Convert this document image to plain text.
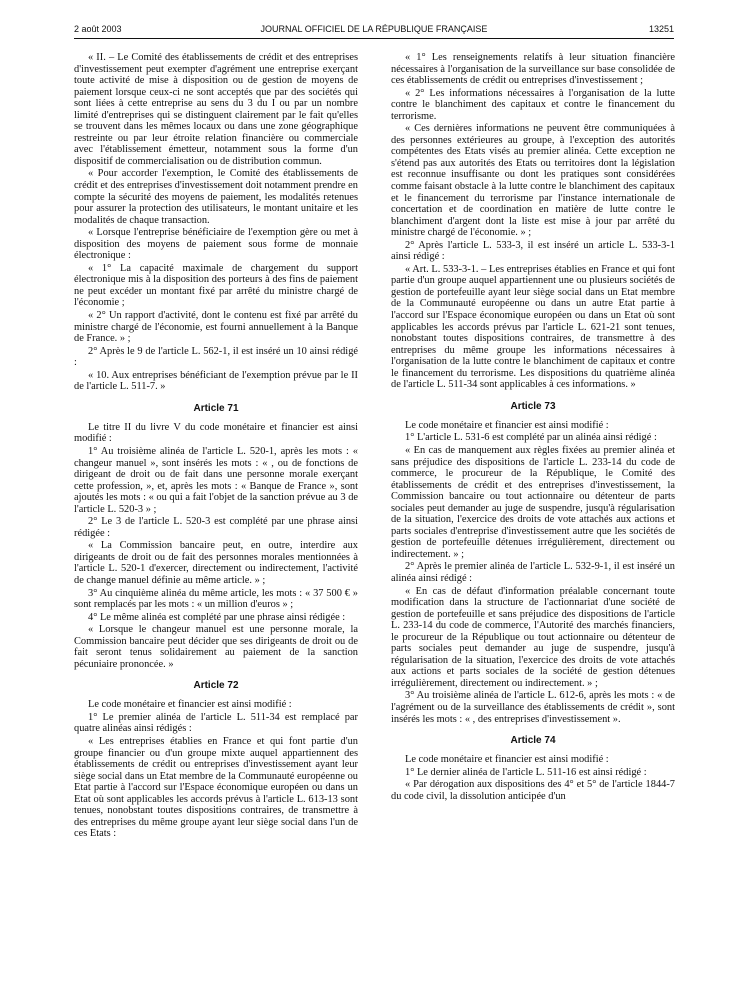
2 août 2003	JOURNAL OFFICIEL DE LA RÉPUBLIQUE FRANÇAISE	13251

« II. – Le Comité des établissements de crédit et des entreprises d'investissement peut exempter d'agrément une entreprise exerçant toute activité de mise à disposition ou de gestion de moyens de paiement lorsque ceux-ci ne sont acceptés que par des sociétés qui sont liées à cette entreprise au sens du 3 du I ou par un nombre limité d'entreprises qui se distinguent clairement par le fait qu'elles se trouvent dans les mêmes locaux ou dans une zone géographique restreinte ou par leur étroite relation financière ou commerciale avec l'établissement émetteur, notamment sous la forme d'un dispositif de commercialisation ou de distribution commun.

« Pour accorder l'exemption, le Comité des établissements de crédit et des entreprises d'investissement doit notamment prendre en compte la sécurité des moyens de paiement, les modalités retenues pour assurer la protection des utilisateurs, le montant unitaire et les modalités de chaque transaction.

« Lorsque l'entreprise bénéficiaire de l'exemption gère ou met à disposition des moyens de paiement sous forme de monnaie électronique :

« 1° La capacité maximale de chargement du support électronique mis à la disposition des porteurs à des fins de paiement ne peut excéder un montant fixé par arrêté du ministre chargé de l'économie ;

« 2° Un rapport d'activité, dont le contenu est fixé par arrêté du ministre chargé de l'économie, est fourni annuellement à la Banque de France. » ;

2° Après le 9 de l'article L. 562-1, il est inséré un 10 ainsi rédigé :

« 10. Aux entreprises bénéficiant de l'exemption prévue par le II de l'article L. 511-7. »

Article 71

Le titre II du livre V du code monétaire et financier est ainsi modifié :

1° Au troisième alinéa de l'article L. 520-1, après les mots : « changeur manuel », sont insérés les mots : « , ou de fonctions de dirigeant de droit ou de fait dans une personne morale exerçant cette profession, », et, après les mots : « Banque de France », sont ajoutés les mots : « ou qui a fait l'objet de la sanction prévue au 3 de l'article L. 520-3 » ;

2° Le 3 de l'article L. 520-3 est complété par une phrase ainsi rédigée :

« La Commission bancaire peut, en outre, interdire aux dirigeants de droit ou de fait des personnes morales mentionnées à l'article L. 520-1 d'exercer, directement ou indirectement, l'activité de change manuel définie au même article. » ;

3° Au cinquième alinéa du même article, les mots : « 37 500 € » sont remplacés par les mots : « un million d'euros » ;

4° Le même alinéa est complété par une phrase ainsi rédigée :

« Lorsque le changeur manuel est une personne morale, la Commission bancaire peut décider que ses dirigeants de droit ou de fait seront tenus solidairement au paiement de la sanction pécuniaire prononcée. »

Article 72

Le code monétaire et financier est ainsi modifié :

1° Le premier alinéa de l'article L. 511-34 est remplacé par quatre alinéas ainsi rédigés :

« Les entreprises établies en France et qui font partie d'un groupe financier ou d'un groupe mixte auquel appartiennent des établissements de crédit ou entreprises d'investissement ayant leur siège social dans un Etat membre de la Communauté européenne ou Etat partie à l'accord sur l'Espace économique européen ou dans un Etat où sont applicables les accords prévus à l'article L. 613-13 sont tenues, nonobstant toutes dispositions contraires, de transmettre à des entreprises du même groupe ayant leur siège social dans l'un de ces Etats :

« 1° Les renseignements relatifs à leur situation financière nécessaires à l'organisation de la surveillance sur base consolidée de ces établissements de crédit ou entreprises d'investissement ;

« 2° Les informations nécessaires à l'organisation de la lutte contre le blanchiment des capitaux et contre le financement du terrorisme.

« Ces dernières informations ne peuvent être communiquées à des personnes extérieures au groupe, à l'exception des autorités compétentes des Etats visés au premier alinéa. Cette exception ne s'étend pas aux autorités des Etats ou territoires dont la législation est reconnue insuffisante ou dont les pratiques sont considérées comme faisant obstacle à la lutte contre le blanchiment des capitaux et le financement du terrorisme par l'instance internationale de concertation et de coordination en matière de lutte contre le blanchiment d'argent dont la liste est mise à jour par arrêté du ministre chargé de l'économie. » ;

2° Après l'article L. 533-3, il est inséré un article L. 533-3-1 ainsi rédigé :

« Art. L. 533-3-1. – Les entreprises établies en France et qui font partie d'un groupe auquel appartiennent une ou plusieurs sociétés de gestion de portefeuille ayant leur siège social dans un Etat membre de la Communauté européenne ou dans un autre Etat partie à l'accord sur l'Espace économique européen ou dans un Etat où sont applicables les accords prévus par l'article L. 621-21 sont tenues, nonobstant toutes dispositions contraires, de transmettre à des entreprises du même groupe les informations nécessaires à l'organisation de la lutte contre le blanchiment de capitaux et contre le financement du terrorisme. Les dispositions du quatrième alinéa de l'article L. 511-34 sont applicables à ces informations. »

Article 73

Le code monétaire et financier est ainsi modifié :

1° L'article L. 531-6 est complété par un alinéa ainsi rédigé :

« En cas de manquement aux règles fixées au premier alinéa et sans préjudice des dispositions de l'article L. 233-14 du code de commerce, le procureur de la République, le Comité des établissements de crédit et des entreprises d'investissement, la Commission bancaire ou tout actionnaire ou détenteur de parts sociales peut demander au juge de suspendre, jusqu'à régularisation de la situation, l'exercice des droits de vote attachés aux actions et parts sociales d'entreprise d'investissement autre que les sociétés de gestion de portefeuille détenues irrégulièrement, directement ou indirectement. » ;

2° Après le premier alinéa de l'article L. 532-9-1, il est inséré un alinéa ainsi rédigé :

« En cas de défaut d'information préalable concernant toute modification dans la structure de l'actionnariat d'une société de gestion de portefeuille et sans préjudice des dispositions de l'article L. 233-14 du code de commerce, l'Autorité des marchés financiers, le procureur de la République ou tout actionnaire ou détenteur de parts sociales peut demander au juge de suspendre, jusqu'à régularisation de la situation, l'exercice des droits de vote attachés aux actions et parts sociales de la société de gestion détenues irrégulièrement, directement ou indirectement. » ;

3° Au troisième alinéa de l'article L. 612-6, après les mots : « de l'agrément ou de la surveillance des établissements de crédit », sont insérés les mots : « , des entreprises d'investissement ».

Article 74

Le code monétaire et financier est ainsi modifié :

1° Le dernier alinéa de l'article L. 511-16 est ainsi rédigé :

« Par dérogation aux dispositions des 4° et 5° de l'article 1844-7 du code civil, la dissolution anticipée d'un
